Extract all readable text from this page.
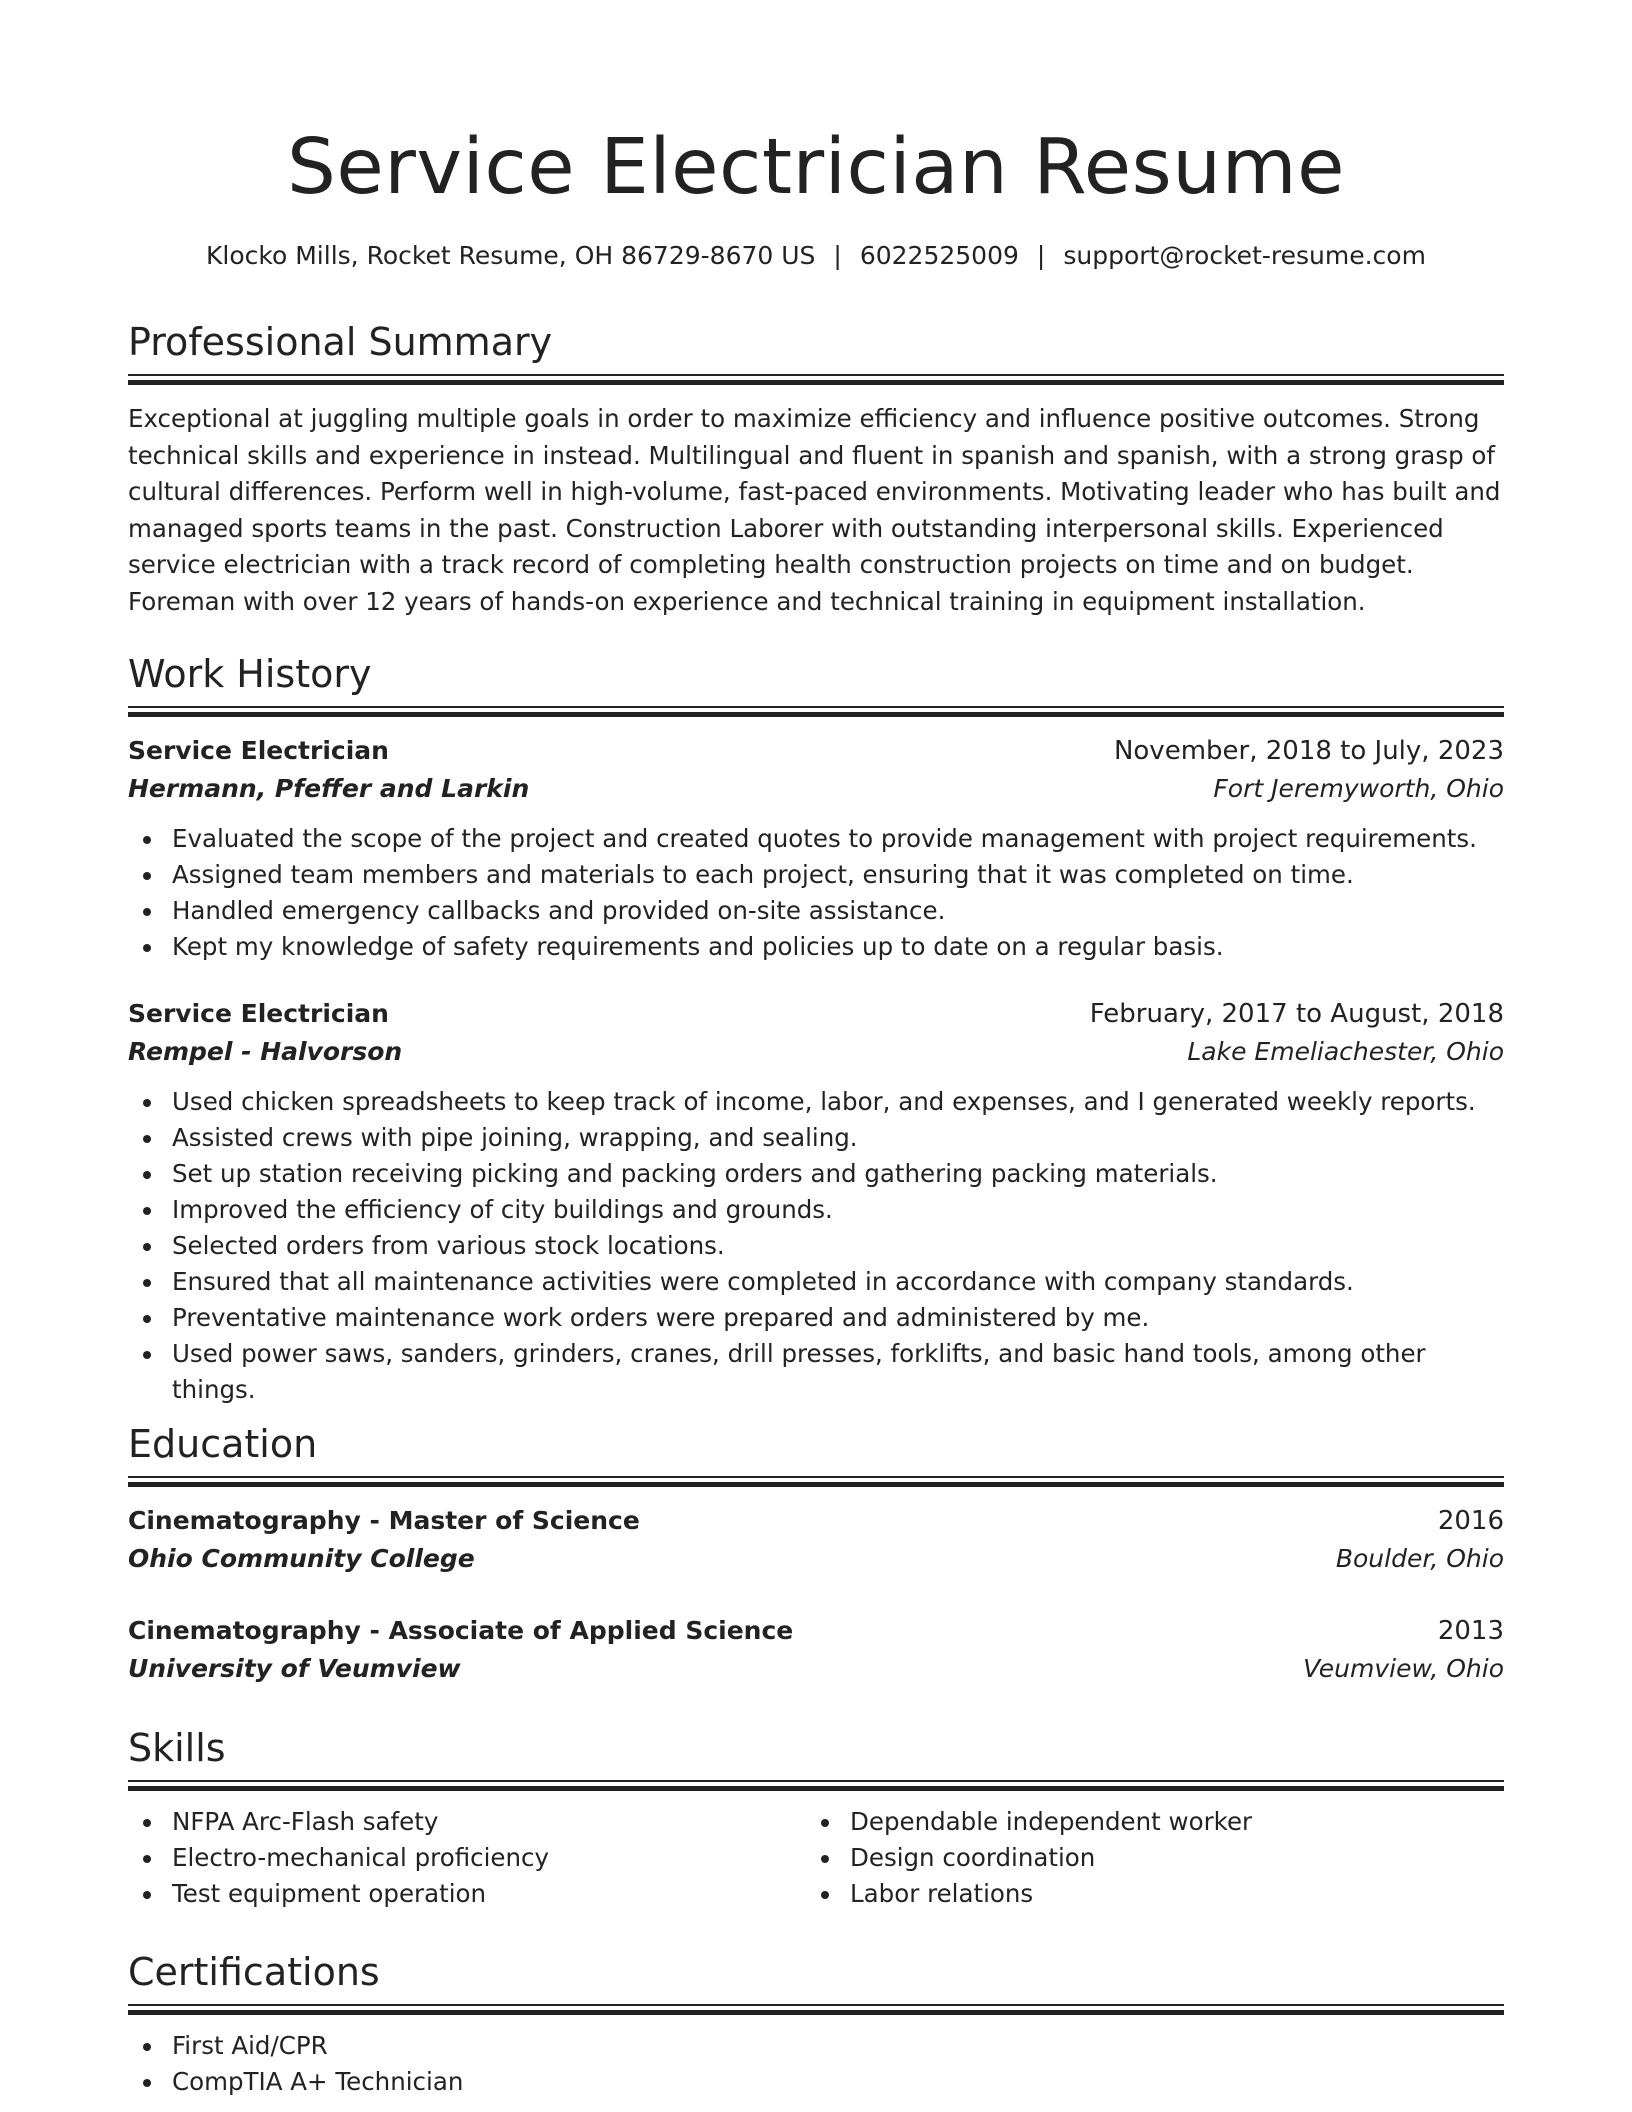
Service Electrician Resume
Klocko Mills, Rocket Resume, OH 86729-8670 US | 6022525009 | support@rocket-resume.com
Professional Summary
Exceptional at juggling multiple goals in order to maximize efficiency and influence positive outcomes. Strong technical skills and experience in instead. Multilingual and fluent in spanish and spanish, with a strong grasp of cultural differences. Perform well in high-volume, fast-paced environments. Motivating leader who has built and managed sports teams in the past. Construction Laborer with outstanding interpersonal skills. Experienced service electrician with a track record of completing health construction projects on time and on budget. Foreman with over 12 years of hands-on experience and technical training in equipment installation.
Work History
Service Electrician	November, 2018 to July, 2023
Hermann, Pfeffer and Larkin	Fort Jeremyworth, Ohio
Evaluated the scope of the project and created quotes to provide management with project requirements.
Assigned team members and materials to each project, ensuring that it was completed on time.
Handled emergency callbacks and provided on-site assistance.
Kept my knowledge of safety requirements and policies up to date on a regular basis.
Service Electrician	February, 2017 to August, 2018
Rempel - Halvorson	Lake Emeliachester, Ohio
Used chicken spreadsheets to keep track of income, labor, and expenses, and I generated weekly reports.
Assisted crews with pipe joining, wrapping, and sealing.
Set up station receiving picking and packing orders and gathering packing materials.
Improved the efficiency of city buildings and grounds.
Selected orders from various stock locations.
Ensured that all maintenance activities were completed in accordance with company standards.
Preventative maintenance work orders were prepared and administered by me.
Used power saws, sanders, grinders, cranes, drill presses, forklifts, and basic hand tools, among other things.
Education
Cinematography - Master of Science	2016
Ohio Community College	Boulder, Ohio
Cinematography - Associate of Applied Science	2013
University of Veumview	Veumview, Ohio
Skills
NFPA Arc-Flash safety
Electro-mechanical proficiency
Test equipment operation
Dependable independent worker
Design coordination
Labor relations
Certifications
First Aid/CPR
CompTIA A+ Technician
